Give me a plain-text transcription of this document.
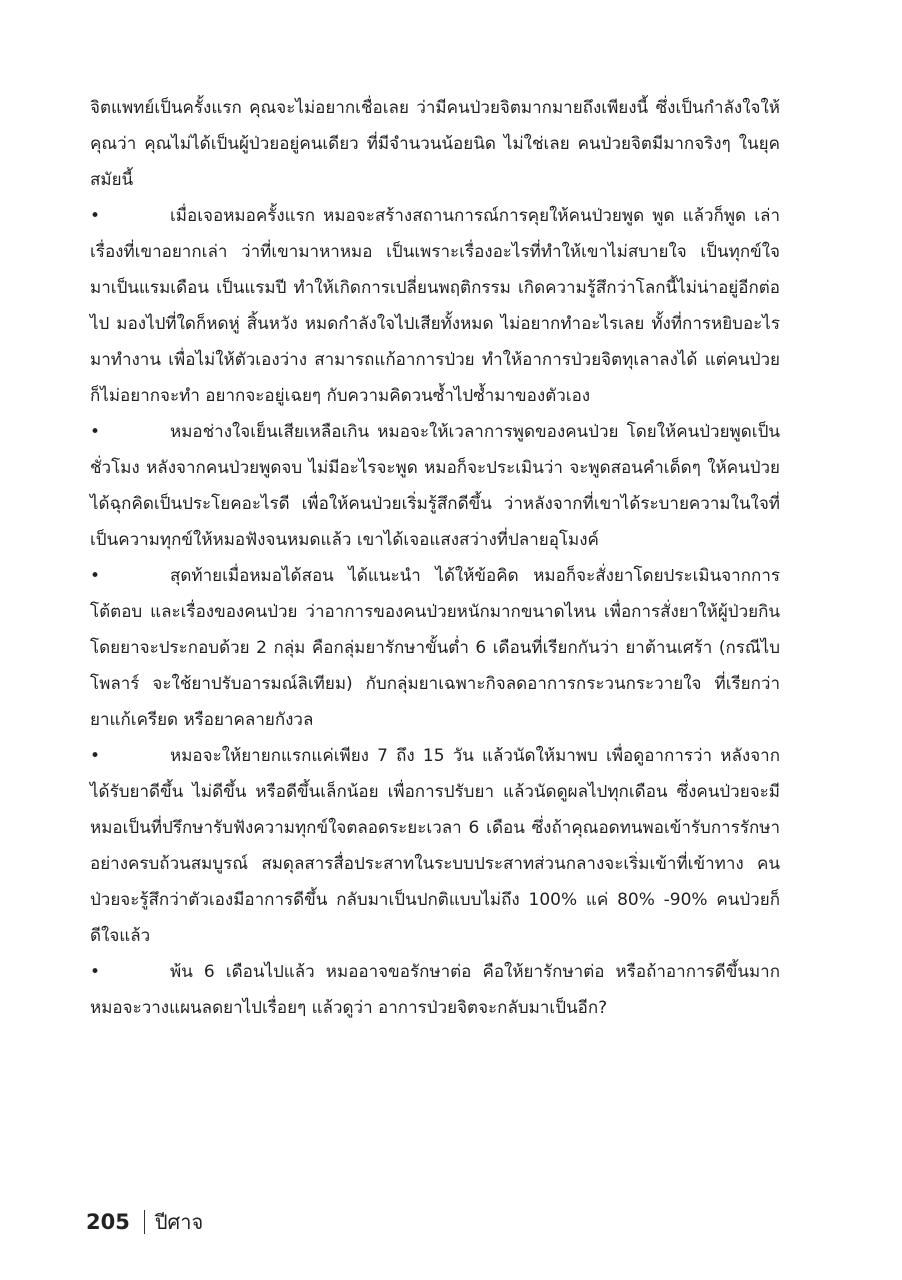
จิตแพทย์เป็นครั้งแรก คุณจะไม่อยากเชื่อเลย ว่ามีคนป่วยจิตมากมายถึงเพียงนี้ ซึ่งเป็นกำลังใจให้คุณว่า คุณไม่ได้เป็นผู้ป่วยอยู่คนเดียว ที่มีจำนวนน้อยนิด ไม่ใช่เลย คนป่วยจิตมีมากจริงๆ ในยุคสมัยนี้

•	เมื่อเจอหมอครั้งแรก หมอจะสร้างสถานการณ์การคุยให้คนป่วยพูด พูด แล้วก็พูด เล่าเรื่องที่เขาอยากเล่า ว่าที่เขามาหาหมอ เป็นเพราะเรื่องอะไรที่ทำให้เขาไม่สบายใจ เป็นทุกข์ใจ มาเป็นแรมเดือน เป็นแรมปี ทำให้เกิดการเปลี่ยนพฤติกรรม เกิดความรู้สึกว่าโลกนี้ไม่น่าอยู่อีกต่อไป มองไปที่ใดก็หดหู่ สิ้นหวัง หมดกำลังใจไปเสียทั้งหมด ไม่อยากทำอะไรเลย ทั้งที่การหยิบอะไรมาทำงาน เพื่อไม่ให้ตัวเองว่าง สามารถแก้อาการป่วย ทำให้อาการป่วยจิตทุเลาลงได้ แต่คนป่วยก็ไม่อยากจะทำ อยากจะอยู่เฉยๆ กับความคิดวนซ้ำไปซ้ำมาของตัวเอง

•	หมอช่างใจเย็นเสียเหลือเกิน หมอจะให้เวลาการพูดของคนป่วย โดยให้คนป่วยพูดเป็นชั่วโมง หลังจากคนป่วยพูดจบ ไม่มีอะไรจะพูด หมอก็จะประเมินว่า จะพูดสอนคำเด็ดๆ ให้คนป่วยได้ฉุกคิดเป็นประโยคอะไรดี เพื่อให้คนป่วยเริ่มรู้สึกดีขึ้น ว่าหลังจากที่เขาได้ระบายความในใจที่เป็นความทุกข์ให้หมอฟังจนหมดแล้ว เขาได้เจอแสงสว่างที่ปลายอุโมงค์

•	สุดท้ายเมื่อหมอได้สอน ได้แนะนำ ได้ให้ข้อคิด หมอก็จะสั่งยาโดยประเมินจากการโต้ตอบ และเรื่องของคนป่วย ว่าอาการของคนป่วยหนักมากขนาดไหน เพื่อการสั่งยาให้ผู้ป่วยกิน โดยยาจะประกอบด้วย 2 กลุ่ม คือกลุ่มยารักษาขั้นต่ำ 6 เดือนที่เรียกกันว่า ยาต้านเศร้า (กรณีไบโพลาร์ จะใช้ยาปรับอารมณ์ลิเทียม) กับกลุ่มยาเฉพาะกิจลดอาการกระวนกระวายใจ ที่เรียกว่า ยาแก้เครียด หรือยาคลายกังวล

•	หมอจะให้ยายกแรกแค่เพียง 7 ถึง 15 วัน แล้วนัดให้มาพบ เพื่อดูอาการว่า หลังจากได้รับยาดีขึ้น ไม่ดีขึ้น หรือดีขึ้นเล็กน้อย เพื่อการปรับยา แล้วนัดดูผลไปทุกเดือน ซึ่งคนป่วยจะมีหมอเป็นที่ปรึกษารับฟังความทุกข์ใจตลอดระยะเวลา 6 เดือน ซึ่งถ้าคุณอดทนพอเข้ารับการรักษาอย่างครบถ้วนสมบูรณ์ สมดุลสารสื่อประสาทในระบบประสาทส่วนกลางจะเริ่มเข้าที่เข้าทาง คนป่วยจะรู้สึกว่าตัวเองมีอาการดีขึ้น กลับมาเป็นปกติแบบไม่ถึง 100% แค่ 80% -90% คนป่วยก็ดีใจแล้ว

•	พ้น 6 เดือนไปแล้ว หมออาจขอรักษาต่อ คือให้ยารักษาต่อ หรือถ้าอาการดีขึ้นมาก หมอจะวางแผนลดยาไปเรื่อยๆ แล้วดูว่า อาการป่วยจิตจะกลับมาเป็นอีก?

205 ปีศาจ
